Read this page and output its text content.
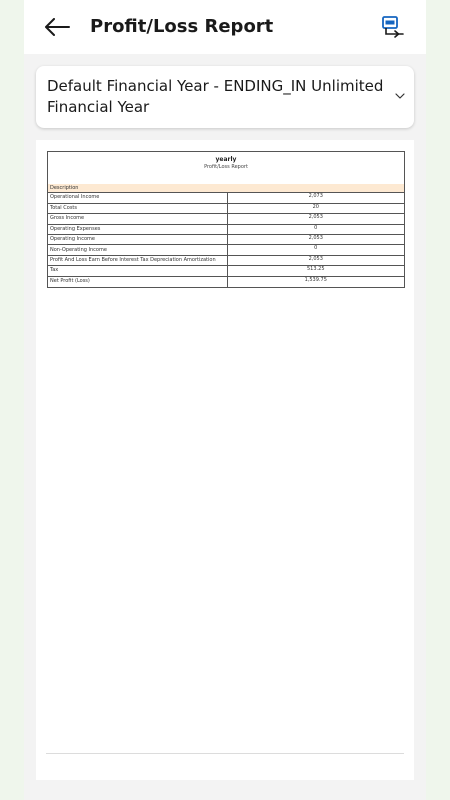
Profit/Loss Report
Default Financial Year - ENDING_IN Unlimited Financial Year
yearly
Profit/Loss Report
Description
Operational Income	2,073
Total Costs	20
Gross Income	2,053
Operating Expenses	0
Operating Income	2,053
Non-Operating Income	0
Profit And Loss Earn Before Interest Tax Depreciation Amortization	2,053
Tax	513.25
Net Profit (Loss)	1,539.75
